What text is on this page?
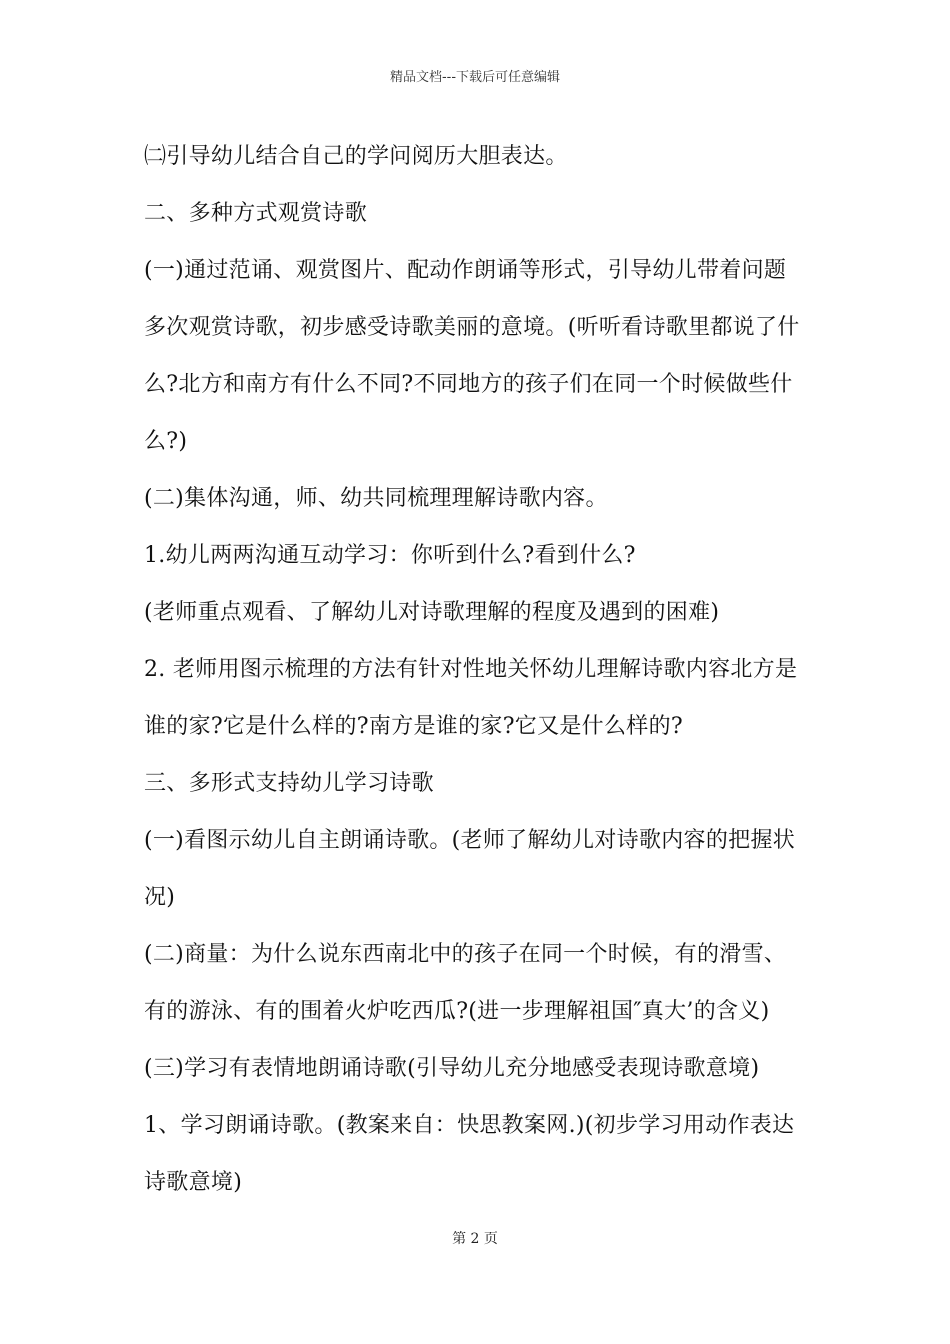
精品文档---下载后可任意编辑
㈡引导幼儿结合自己的学问阅历大胆表达。
二、多种方式观赏诗歌
(一)通过范诵、观赏图片、配动作朗诵等形式，引导幼儿带着问题
多次观赏诗歌，初步感受诗歌美丽的意境。(听听看诗歌里都说了什
么?北方和南方有什么不同?不同地方的孩子们在同一个时候做些什
么?)
(二)集体沟通，师、幼共同梳理理解诗歌内容。
1.幼儿两两沟通互动学习：你听到什么?看到什么?
(老师重点观看、了解幼儿对诗歌理解的程度及遇到的困难)
2. 老师用图示梳理的方法有针对性地关怀幼儿理解诗歌内容北方是
谁的家?它是什么样的?南方是谁的家?它又是什么样的?
三、多形式支持幼儿学习诗歌
(一)看图示幼儿自主朗诵诗歌。(老师了解幼儿对诗歌内容的把握状
况)
(二)商量：为什么说东西南北中的孩子在同一个时候，有的滑雪、
有的游泳、有的围着火炉吃西瓜?(进一步理解祖国″真大’的含义)
(三)学习有表情地朗诵诗歌(引导幼儿充分地感受表现诗歌意境)
1、学习朗诵诗歌。(教案来自：快思教案网.)(初步学习用动作表达
诗歌意境)
第 2 页
